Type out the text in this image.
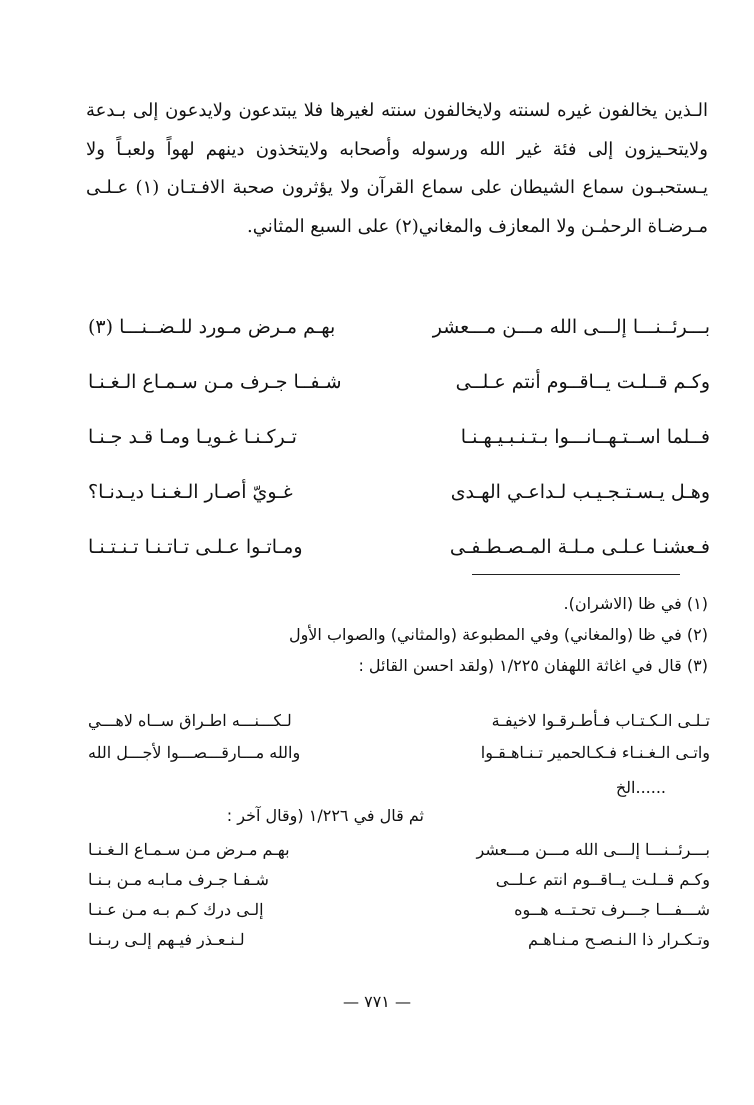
الـذين يخالفون غيره لسنته ولايخالفون سنته لغيرها فلا يبتدعون ولايدعون إلى بـدعة ولايتحـيزون إلى فئة غير الله ورسوله وأصحابه ولايتخذون دينهم لهواً ولعبـاً ولا يـستحبـون سماع الشيطان على سماع القرآن ولا يؤثرون صحبة الافـتـان (١) عـلـى مـرضـاة الرحمٰـن ولا المعازف والمغاني(٢) على السبع المثاني.
بـــرئــنـــا إلـــى الله مـــن مـــعشر
بهـم مـرض مـورد للـضــنـــا (٣)
وكـم قــلـت يــاقــوم أنتم عـلــى
شـفــا جـرف مـن سـمـاع الـغـنـا
فــلما اســتـهــانـــوا بـتـنـبـيـهـنـا
تـركـنـا غـويـا ومـا قـد جـنـا
وهـل يـسـتـجـيـب لـداعـي الهـدى
غـويّ أصـار الـغـنـا ديـدنـا؟
فـعشنـا عـلـى مـلـة المـصـطـفـى
ومـاتـوا عـلـى تـاتـنـا تـنـتـنـا
(١) في ظا (الاشران).
(٢) في ظا (والمغاني) وفي المطبوعة (والمثاني) والصواب الأول
(٣) قال في اغاثة اللهفان ١/٢٢٥ (ولقد احسن القائل :
تـلـى الـكـتـاب فـأطـرقـوا لاخيفـة
لـكـــنـــه اطـراق ســاه لاهـــي
واتـى الـغـنـاء فـكـالحمير تـنـاهـقـوا
والله مـــارقـــصـــوا لأجـــل الله
......الخ
ثم قال في ١/٢٢٦ (وقال آخر :
بـــرئــنـــا إلـــى الله مـــن مـــعشر
بهـم مـرض مـن سـمـاع الـغـنـا
وكـم قــلـت يــاقــوم انتم عـلــى
شـفـا جـرف مـابـه مـن بـنـا
شـــفـــا جـــرف تحـتــه هــوه
إلـى درك كـم بـه مـن عـنـا
وتـكـرار ذا الـنـصـح مـنـاهـم
لـنـعـذر فيـهم إلـى ربـنـا
— ٧٧١ —
